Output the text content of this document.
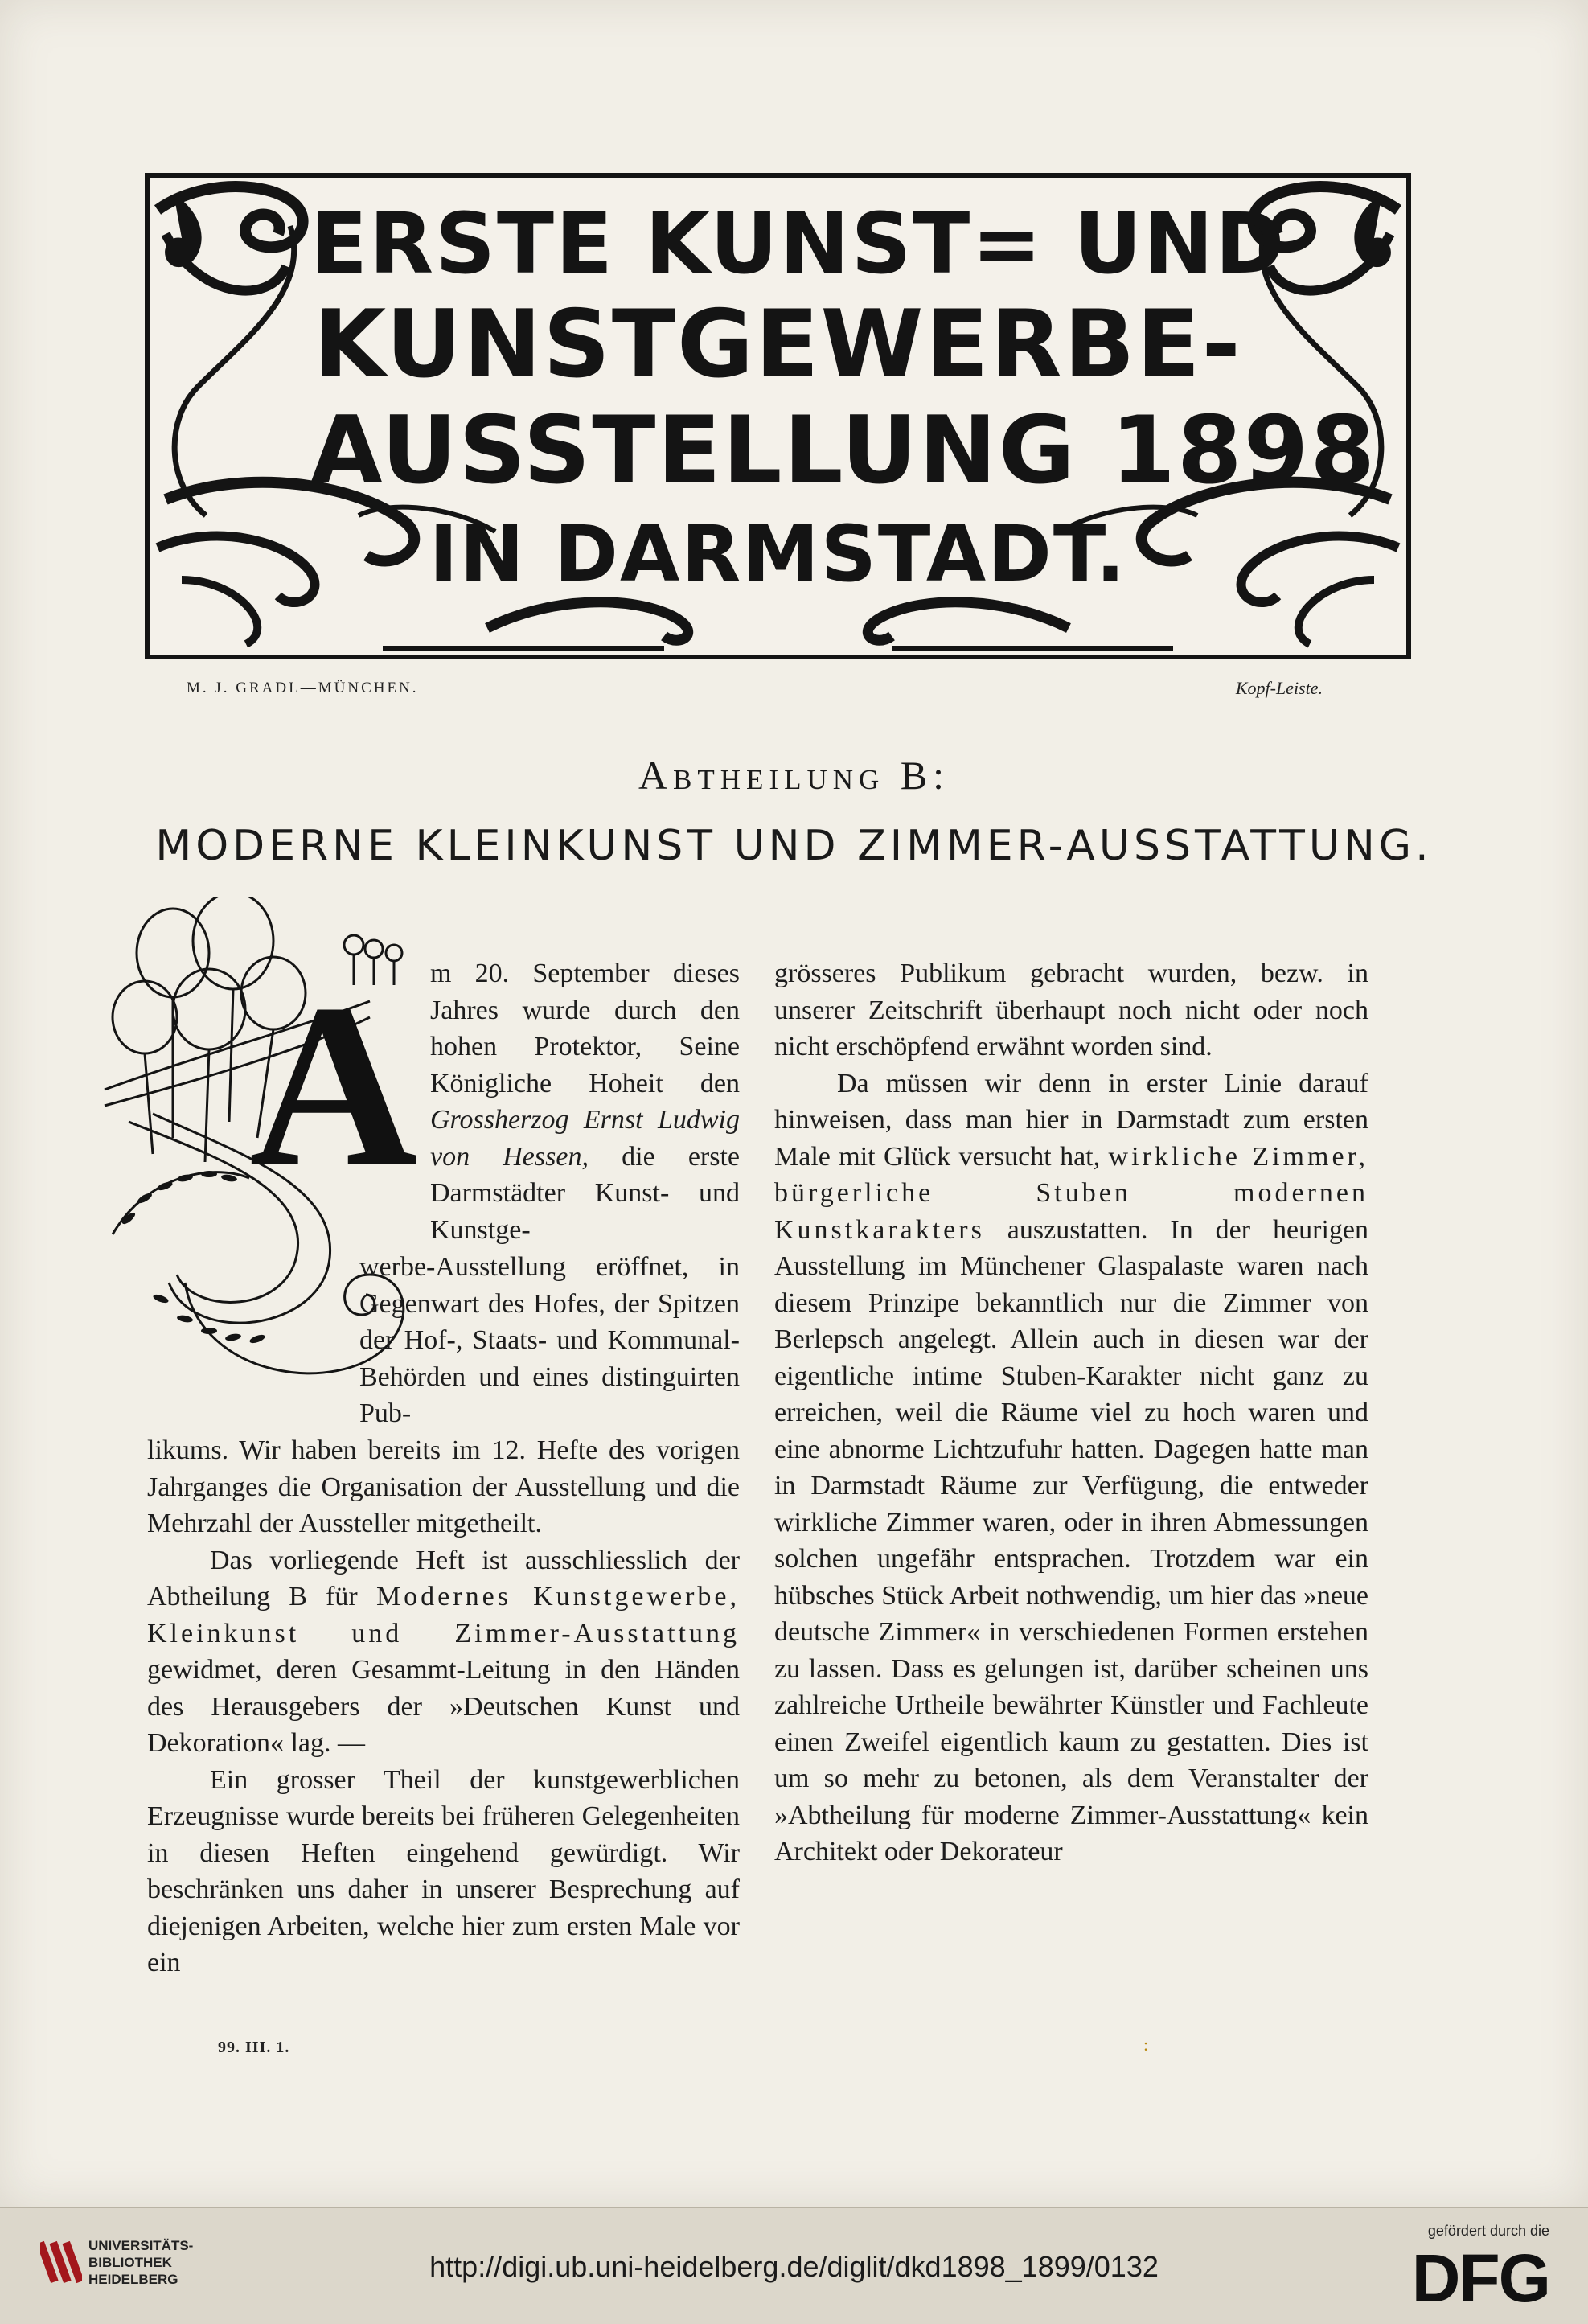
ERSTE KUNST= UND
KUNSTGEWERBE-
AUSSTELLUNG 1898
IN DARMSTADT.
M. J. GRADL—MÜNCHEN.	Kopf-Leiste.
Abtheilung B:
MODERNE KLEINKUNST UND ZIMMER-AUSSTATTUNG.
A m 20. September dieses Jahres wurde durch den hohen Protektor, Seine Königliche Hoheit den Grossherzog Ernst Ludwig von Hessen, die erste Darmstädter Kunst- und Kunstge-

werbe-Ausstellung eröffnet, in Gegenwart des Hofes, der Spitzen der Hof-, Staats- und Kommunal-Behörden und eines distinguirten Pub-

likums. Wir haben bereits im 12. Hefte des vorigen Jahrganges die Organisation der Ausstellung und die Mehrzahl der Aussteller mitgetheilt.

Das vorliegende Heft ist ausschliesslich der Abtheilung B für Modernes Kunstgewerbe, Kleinkunst und Zimmer-Ausstattung gewidmet, deren Gesammt-Leitung in den Händen des Herausgebers der »Deutschen Kunst und Dekoration« lag. —

Ein grosser Theil der kunstgewerblichen Erzeugnisse wurde bereits bei früheren Gelegenheiten in diesen Heften eingehend gewürdigt. Wir beschränken uns daher in unserer Besprechung auf diejenigen Arbeiten, welche hier zum ersten Male vor ein

grösseres Publikum gebracht wurden, bezw. in unserer Zeitschrift überhaupt noch nicht oder noch nicht erschöpfend erwähnt worden sind.

Da müssen wir denn in erster Linie darauf hinweisen, dass man hier in Darmstadt zum ersten Male mit Glück versucht hat, wirkliche Zimmer, bürgerliche Stuben modernen Kunstkarakters auszustatten. In der heurigen Ausstellung im Münchener Glaspalaste waren nach diesem Prinzipe bekanntlich nur die Zimmer von Berlepsch angelegt. Allein auch in diesen war der eigentliche intime Stuben-Karakter nicht ganz zu erreichen, weil die Räume viel zu hoch waren und eine abnorme Lichtzufuhr hatten. Dagegen hatte man in Darmstadt Räume zur Verfügung, die entweder wirkliche Zimmer waren, oder in ihren Abmessungen solchen ungefähr entsprachen. Trotzdem war ein hübsches Stück Arbeit nothwendig, um hier das »neue deutsche Zimmer« in verschiedenen Formen erstehen zu lassen. Dass es gelungen ist, darüber scheinen uns zahlreiche Urtheile bewährter Künstler und Fachleute einen Zweifel eigentlich kaum zu gestatten. Dies ist um so mehr zu betonen, als dem Veranstalter der »Abtheilung für moderne Zimmer-Ausstattung« kein Architekt oder Dekorateur

99. III. 1.	:
UNIVERSITÄTS-
BIBLIOTHEK
HEIDELBERG	http://digi.ub.uni-heidelberg.de/diglit/dkd1898_1899/0132
gefördert durch die
DFG
